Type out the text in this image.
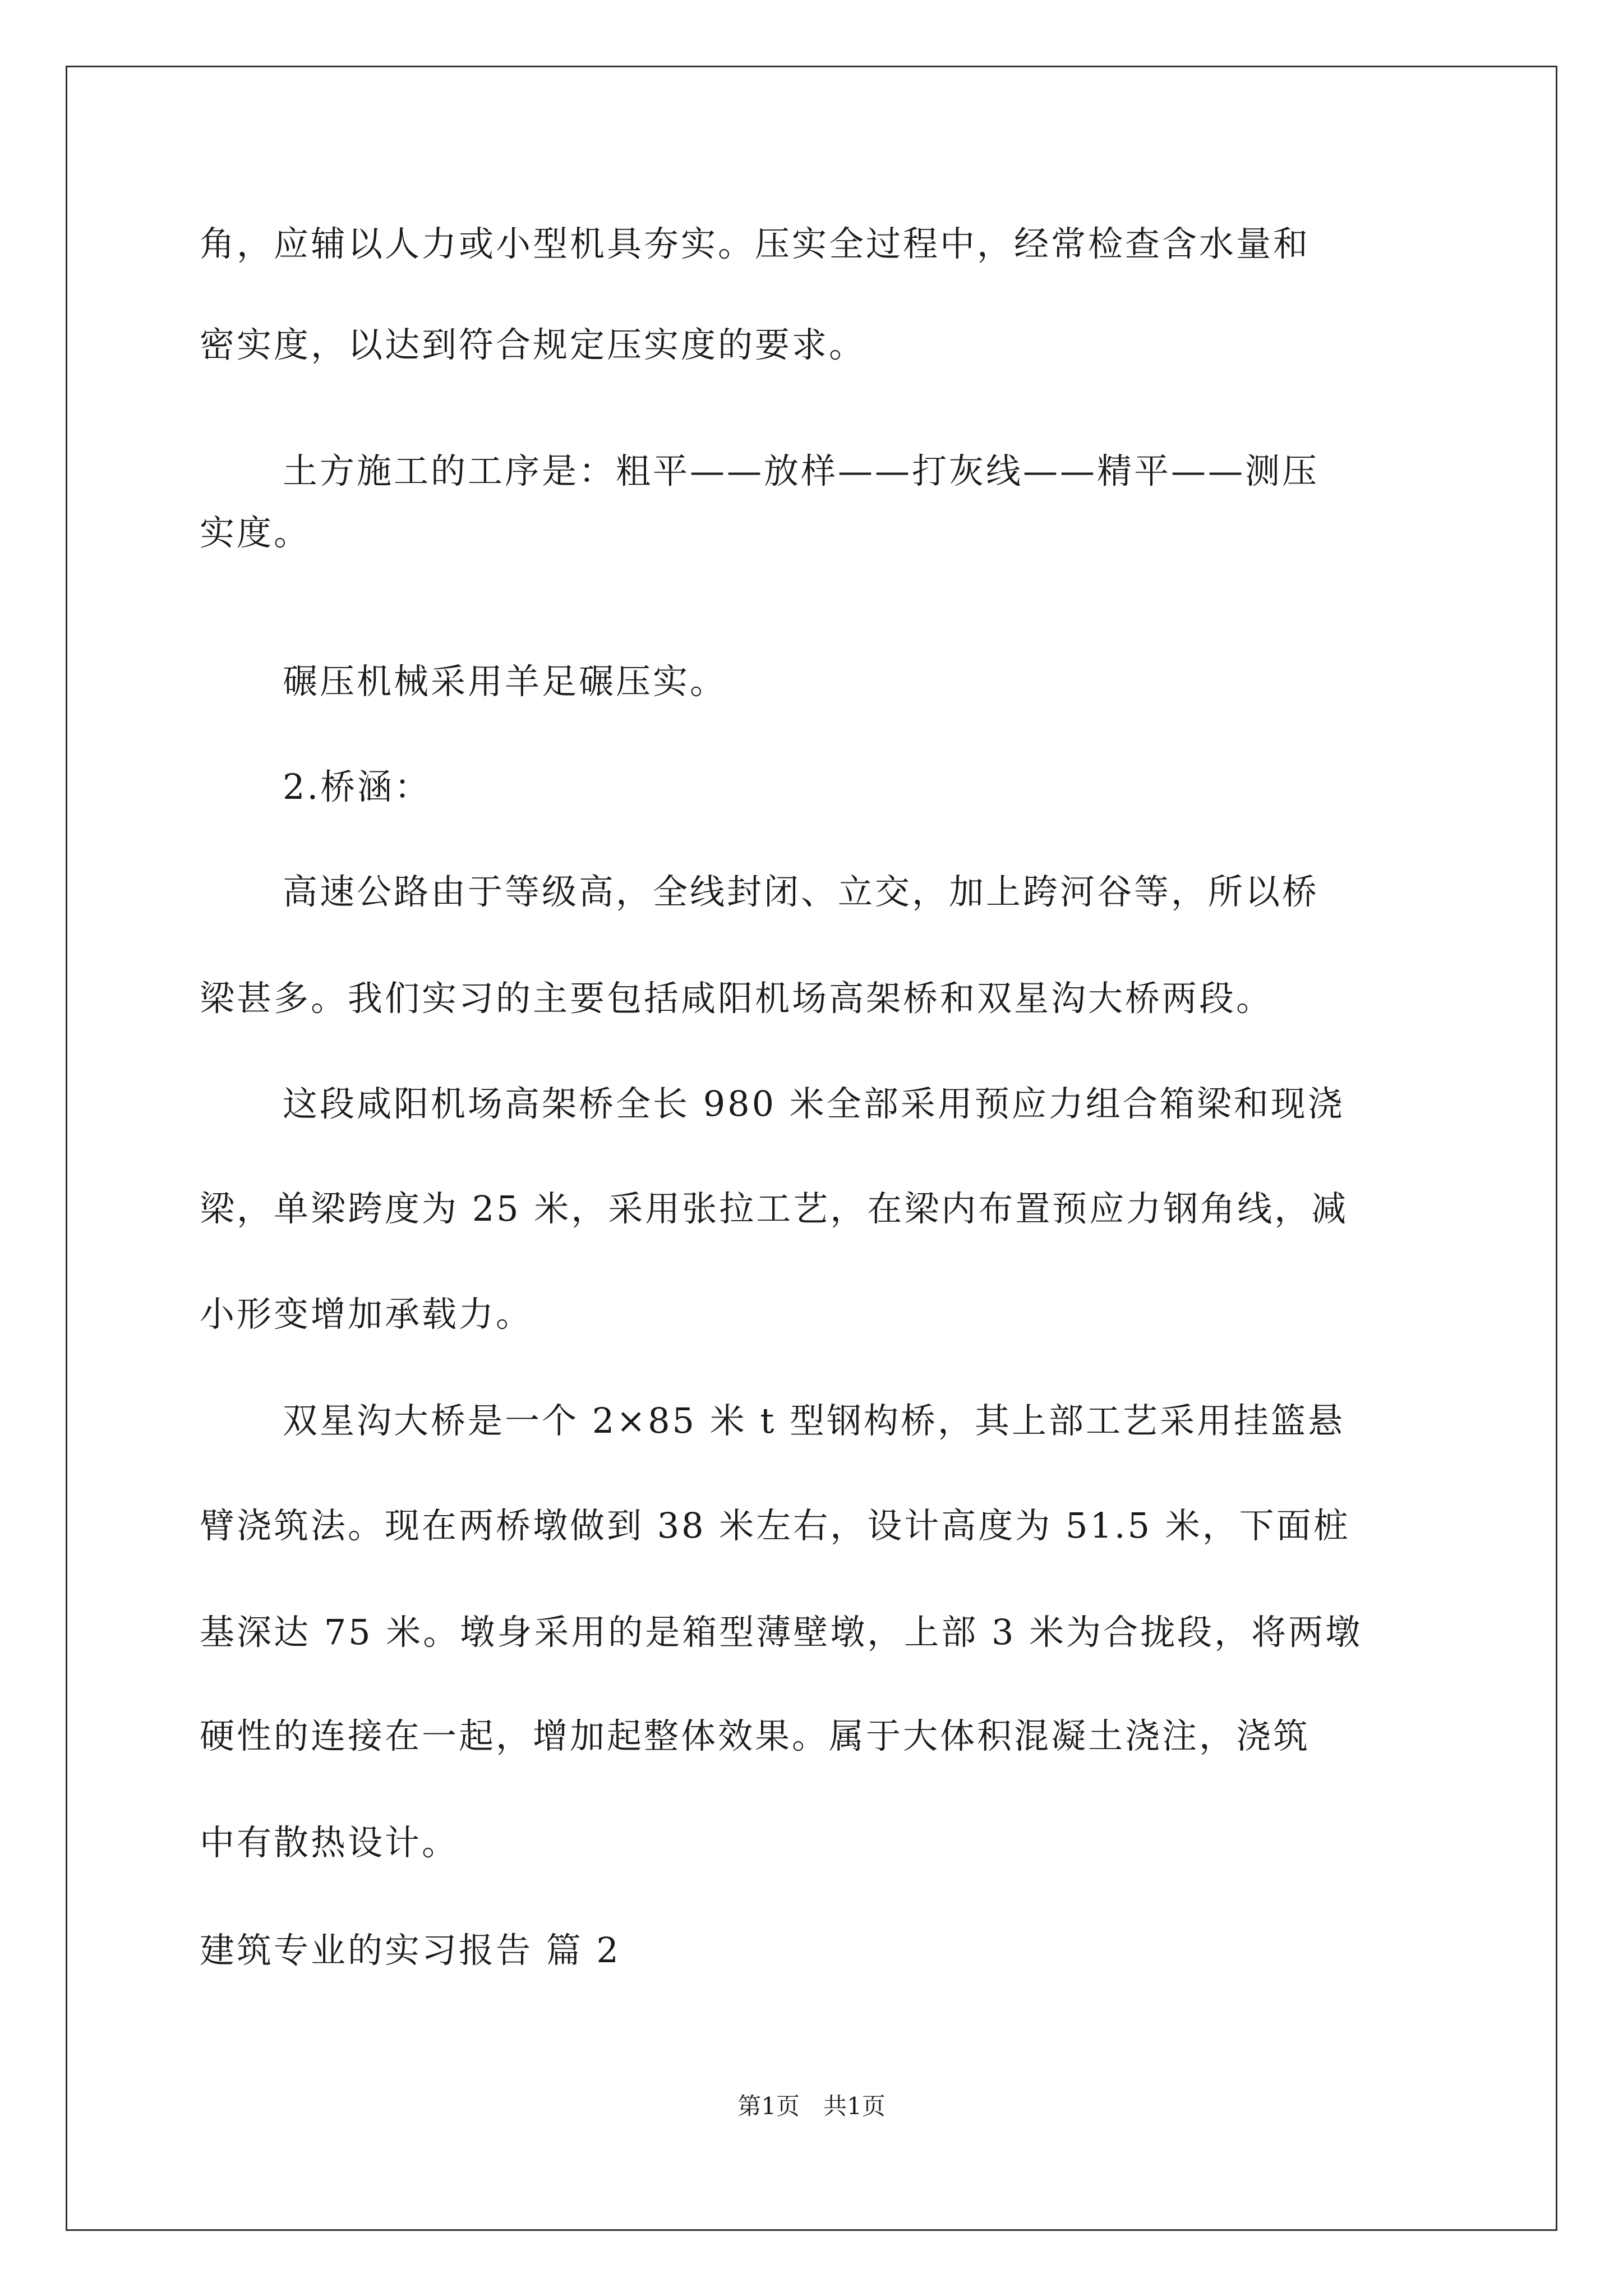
角，应辅以人力或小型机具夯实。压实全过程中，经常检查含水量和
密实度，以达到符合规定压实度的要求。
土方施工的工序是：粗平——放样——打灰线——精平——测压
实度。
碾压机械采用羊足碾压实。
2.桥涵：
高速公路由于等级高，全线封闭、立交，加上跨河谷等，所以桥
梁甚多。我们实习的主要包括咸阳机场高架桥和双星沟大桥两段。
这段咸阳机场高架桥全长 980 米全部采用预应力组合箱梁和现浇
梁，单梁跨度为 25 米，采用张拉工艺，在梁内布置预应力钢角线，减
小形变增加承载力。
双星沟大桥是一个 2×85 米 t 型钢构桥，其上部工艺采用挂篮悬
臂浇筑法。现在两桥墩做到 38 米左右，设计高度为 51.5 米，下面桩
基深达 75 米。墩身采用的是箱型薄壁墩，上部 3 米为合拢段，将两墩
硬性的连接在一起，增加起整体效果。属于大体积混凝土浇注，浇筑
中有散热设计。
建筑专业的实习报告 篇 2
第1页　共1页
